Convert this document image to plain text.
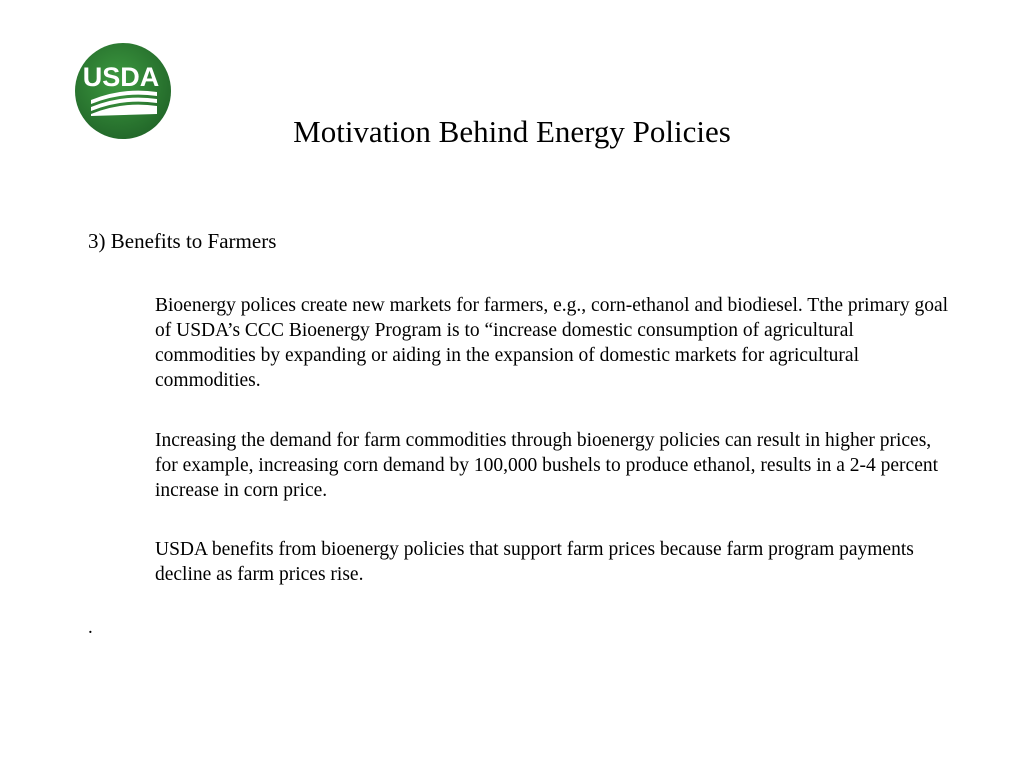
USDA
Motivation Behind Energy Policies
3) Benefits to Farmers

Bioenergy polices create new markets for farmers, e.g., corn-ethanol and biodiesel. Tthe primary goal of USDA’s CCC Bioenergy Program is to “increase domestic consumption of agricultural commodities by expanding or aiding in the expansion of domestic markets for agricultural commodities.

Increasing the demand for farm commodities through bioenergy policies can result in higher prices, for example, increasing corn demand by 100,000 bushels to produce ethanol, results in a 2-4 percent increase in corn price.

USDA benefits from bioenergy policies that support farm prices because farm program payments decline as farm prices rise.

.
